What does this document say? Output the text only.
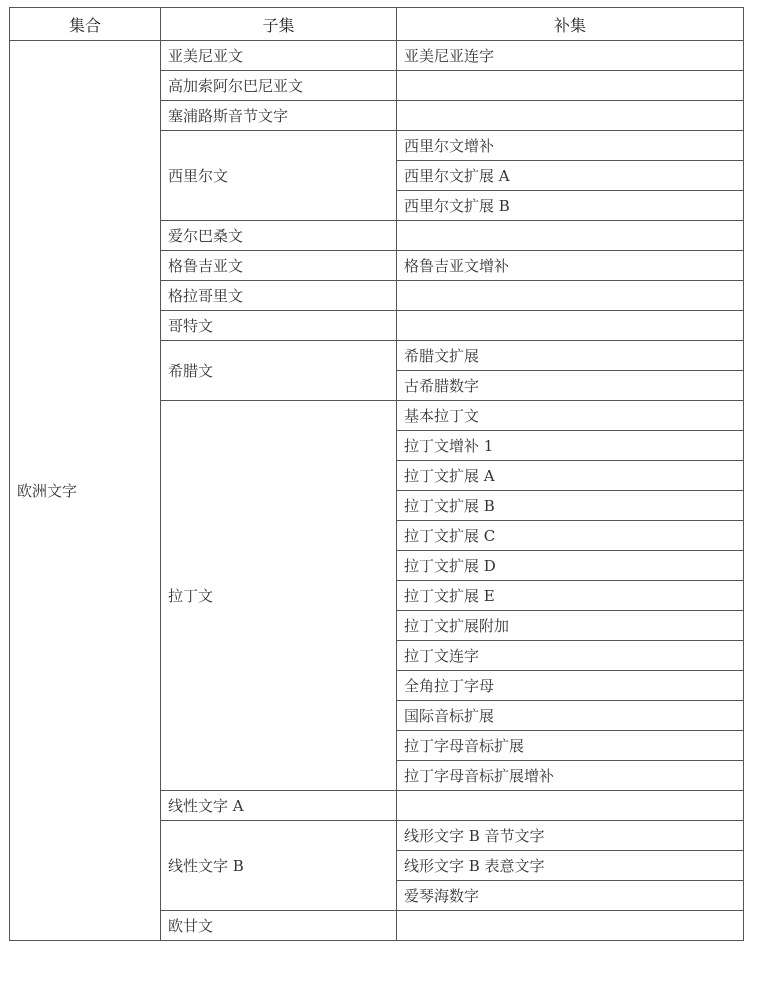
集合	子集	补集
欧洲文字	亚美尼亚文	亚美尼亚连字
	高加索阿尔巴尼亚文	
	塞浦路斯音节文字	
	西里尔文	西里尔文增补
		西里尔文扩展 A
		西里尔文扩展 B
	爱尔巴桑文	
	格鲁吉亚文	格鲁吉亚文增补
	格拉哥里文	
	哥特文	
	希腊文	希腊文扩展
		古希腊数字
	拉丁文	基本拉丁文
		拉丁文增补 1
		拉丁文扩展 A
		拉丁文扩展 B
		拉丁文扩展 C
		拉丁文扩展 D
		拉丁文扩展 E
		拉丁文扩展附加
		拉丁文连字
		全角拉丁字母
		国际音标扩展
		拉丁字母音标扩展
		拉丁字母音标扩展增补
	线性文字 A	
	线性文字 B	线形文字 B 音节文字
		线形文字 B 表意文字
		爱琴海数字
	欧甘文	
